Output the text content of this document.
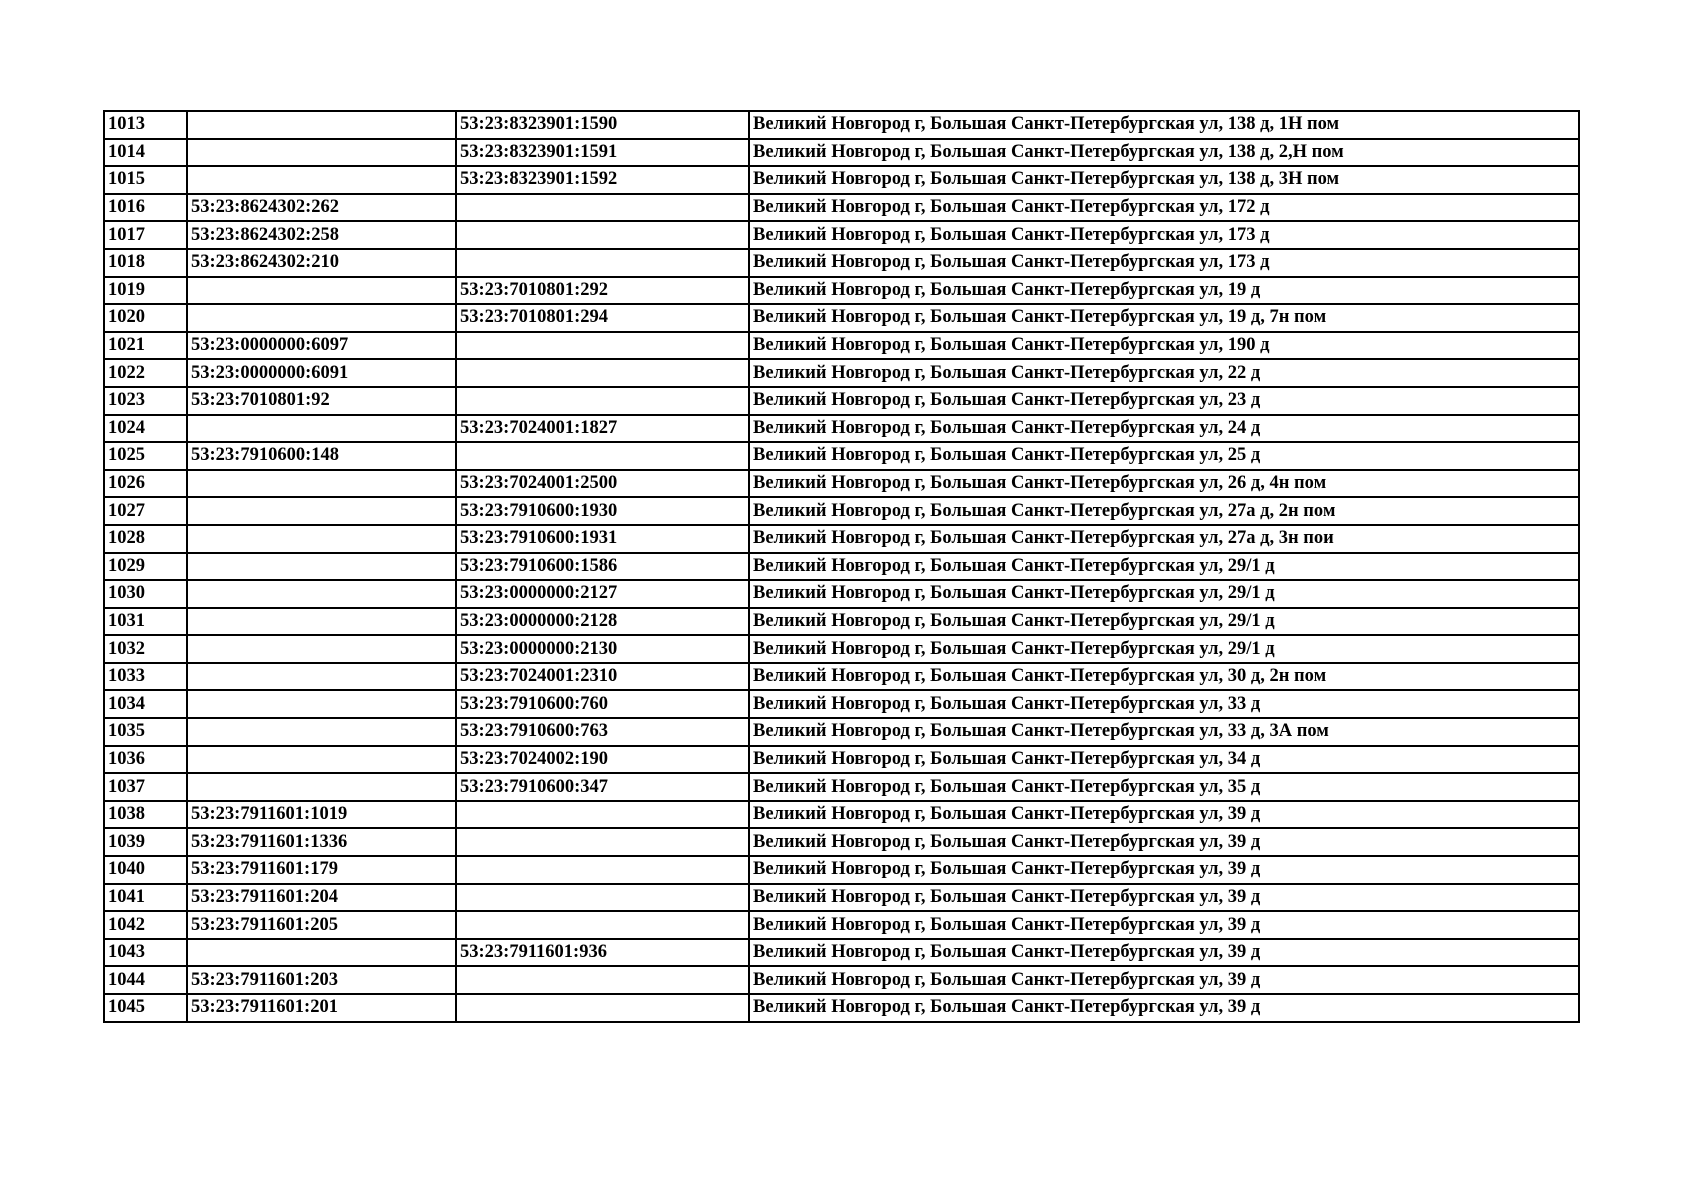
1013		53:23:8323901:1590	Великий Новгород г, Большая Санкт-Петербургская ул, 138 д, 1Н пом
1014		53:23:8323901:1591	Великий Новгород г, Большая Санкт-Петербургская ул, 138 д, 2,Н пом
1015		53:23:8323901:1592	Великий Новгород г, Большая Санкт-Петербургская ул, 138 д, 3Н пом
1016	53:23:8624302:262		Великий Новгород г, Большая Санкт-Петербургская ул, 172 д
1017	53:23:8624302:258		Великий Новгород г, Большая Санкт-Петербургская ул, 173 д
1018	53:23:8624302:210		Великий Новгород г, Большая Санкт-Петербургская ул, 173 д
1019		53:23:7010801:292	Великий Новгород г, Большая Санкт-Петербургская ул, 19 д
1020		53:23:7010801:294	Великий Новгород г, Большая Санкт-Петербургская ул, 19 д, 7н пом
1021	53:23:0000000:6097		Великий Новгород г, Большая Санкт-Петербургская ул, 190 д
1022	53:23:0000000:6091		Великий Новгород г, Большая Санкт-Петербургская ул, 22 д
1023	53:23:7010801:92		Великий Новгород г, Большая Санкт-Петербургская ул, 23 д
1024		53:23:7024001:1827	Великий Новгород г, Большая Санкт-Петербургская ул, 24 д
1025	53:23:7910600:148		Великий Новгород г, Большая Санкт-Петербургская ул, 25 д
1026		53:23:7024001:2500	Великий Новгород г, Большая Санкт-Петербургская ул, 26 д, 4н пом
1027		53:23:7910600:1930	Великий Новгород г, Большая Санкт-Петербургская ул, 27а д, 2н пом
1028		53:23:7910600:1931	Великий Новгород г, Большая Санкт-Петербургская ул, 27а д, 3н пои
1029		53:23:7910600:1586	Великий Новгород г, Большая Санкт-Петербургская ул, 29/1 д
1030		53:23:0000000:2127	Великий Новгород г, Большая Санкт-Петербургская ул, 29/1 д
1031		53:23:0000000:2128	Великий Новгород г, Большая Санкт-Петербургская ул, 29/1 д
1032		53:23:0000000:2130	Великий Новгород г, Большая Санкт-Петербургская ул, 29/1 д
1033		53:23:7024001:2310	Великий Новгород г, Большая Санкт-Петербургская ул, 30 д, 2н пом
1034		53:23:7910600:760	Великий Новгород г, Большая Санкт-Петербургская ул, 33 д
1035		53:23:7910600:763	Великий Новгород г, Большая Санкт-Петербургская ул, 33 д, 3А пом
1036		53:23:7024002:190	Великий Новгород г, Большая Санкт-Петербургская ул, 34 д
1037		53:23:7910600:347	Великий Новгород г, Большая Санкт-Петербургская ул, 35 д
1038	53:23:7911601:1019		Великий Новгород г, Большая Санкт-Петербургская ул, 39 д
1039	53:23:7911601:1336		Великий Новгород г, Большая Санкт-Петербургская ул, 39 д
1040	53:23:7911601:179		Великий Новгород г, Большая Санкт-Петербургская ул, 39 д
1041	53:23:7911601:204		Великий Новгород г, Большая Санкт-Петербургская ул, 39 д
1042	53:23:7911601:205		Великий Новгород г, Большая Санкт-Петербургская ул, 39 д
1043		53:23:7911601:936	Великий Новгород г, Большая Санкт-Петербургская ул, 39 д
1044	53:23:7911601:203		Великий Новгород г, Большая Санкт-Петербургская ул, 39 д
1045	53:23:7911601:201		Великий Новгород г, Большая Санкт-Петербургская ул, 39 д
